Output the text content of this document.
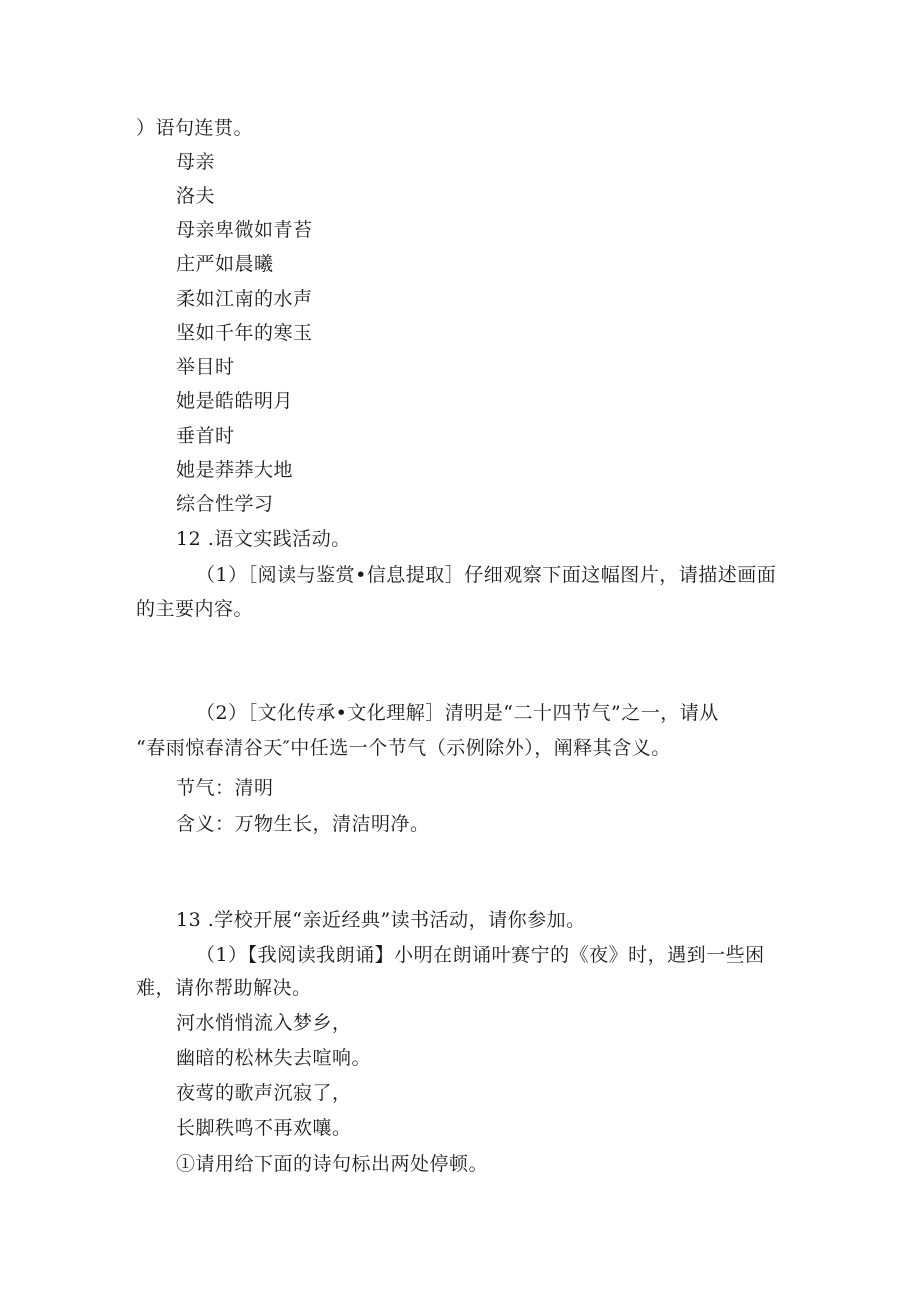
）语句连贯。
母亲
洛夫
母亲卑微如青苔
庄严如晨曦
柔如江南的水声
坚如千年的寒玉
举目时
她是皓皓明月
垂首时
她是莽莽大地
综合性学习
12 .语文实践活动。
（1）［阅读与鉴赏•信息提取］仔细观察下面这幅图片，请描述画面
的主要内容。
（2）［文化传承•文化理解］清明是“二十四节气”之一，请从
“春雨惊春清谷天″中任选一个节气（示例除外），阐释其含义。
节气：清明
含义：万物生长，清洁明净。
13 .学校开展“亲近经典”读书活动，请你参加。
（1）【我阅读我朗诵】小明在朗诵叶赛宁的《夜》时，遇到一些困
难，请你帮助解决。
河水悄悄流入梦乡，
幽暗的松林失去喧响。
夜莺的歌声沉寂了，
长脚秩鸣不再欢嚷。
①请用给下面的诗句标出两处停顿。
